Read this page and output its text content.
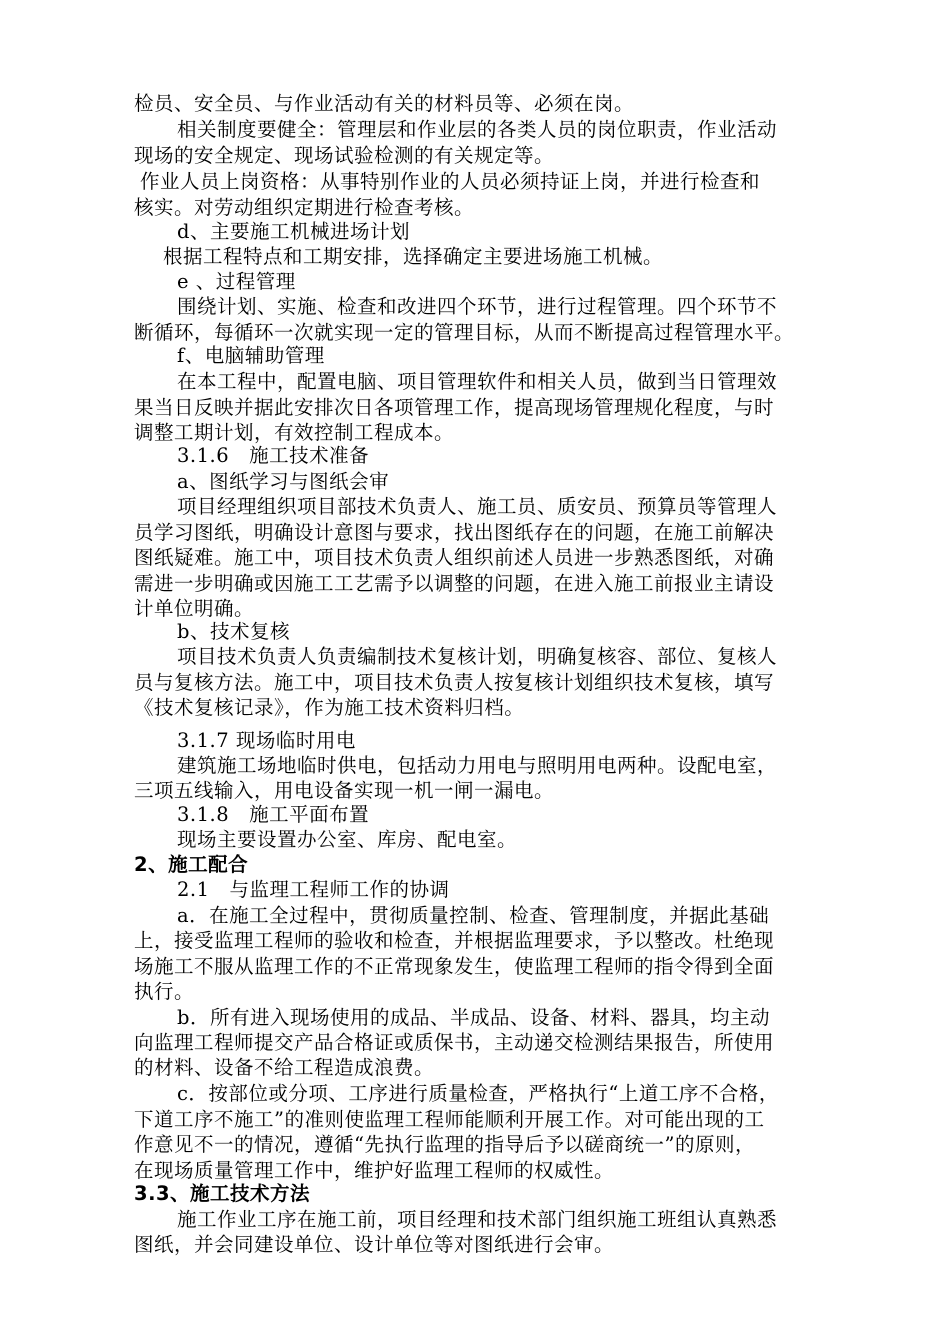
检员、安全员、与作业活动有关的材料员等、必须在岗。
相关制度要健全：管理层和作业层的各类人员的岗位职责，作业活动
现场的安全规定、现场试验检测的有关规定等。
作业人员上岗资格：从事特别作业的人员必须持证上岗，并进行检查和
核实。对劳动组织定期进行检查考核。
d、主要施工机械进场计划
根据工程特点和工期安排，选择确定主要进场施工机械。
e 、过程管理
围绕计划、实施、检查和改进四个环节，进行过程管理。四个环节不
断循环，每循环一次就实现一定的管理目标，从而不断提高过程管理水平。
f、电脑辅助管理
在本工程中，配置电脑、项目管理软件和相关人员，做到当日管理效
果当日反映并据此安排次日各项管理工作，提高现场管理规化程度，与时
调整工期计划，有效控制工程成本。
3.1.6　施工技术准备
a、图纸学习与图纸会审
项目经理组织项目部技术负责人、施工员、质安员、预算员等管理人
员学习图纸，明确设计意图与要求，找出图纸存在的问题，在施工前解决
图纸疑难。施工中，项目技术负责人组织前述人员进一步熟悉图纸，对确
需进一步明确或因施工工艺需予以调整的问题，在进入施工前报业主请设
计单位明确。
b、技术复核
项目技术负责人负责编制技术复核计划，明确复核容、部位、复核人
员与复核方法。施工中，项目技术负责人按复核计划组织技术复核，填写
《技术复核记录》，作为施工技术资料归档。
3.1.7 现场临时用电
建筑施工场地临时供电，包括动力用电与照明用电两种。设配电室，
三项五线输入，用电设备实现一机一闸一漏电。
3.1.8　施工平面布置
现场主要设置办公室、库房、配电室。
2、施工配合
2.1　与监理工程师工作的协调
a．在施工全过程中，贯彻质量控制、检查、管理制度，并据此基础
上，接受监理工程师的验收和检查，并根据监理要求，予以整改。杜绝现
场施工不服从监理工作的不正常现象发生，使监理工程师的指令得到全面
执行。
b．所有进入现场使用的成品、半成品、设备、材料、器具，均主动
向监理工程师提交产品合格证或质保书，主动递交检测结果报告，所使用
的材料、设备不给工程造成浪费。
c．按部位或分项、工序进行质量检查，严格执行“上道工序不合格，
下道工序不施工”的准则使监理工程师能顺利开展工作。对可能出现的工
作意见不一的情况，遵循“先执行监理的指导后予以磋商统一”的原则，
在现场质量管理工作中，维护好监理工程师的权威性。
3.3、施工技术方法
施工作业工序在施工前，项目经理和技术部门组织施工班组认真熟悉
图纸，并会同建设单位、设计单位等对图纸进行会审。
